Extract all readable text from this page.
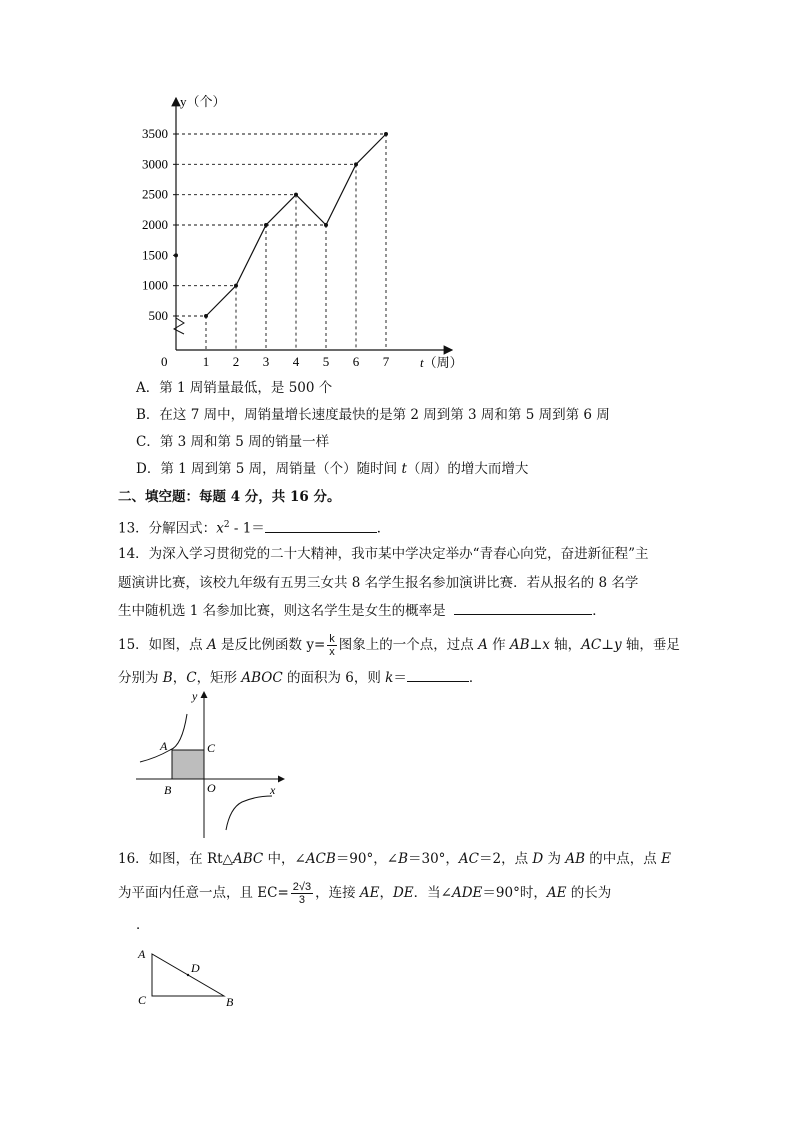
500
1000
1500
2000
2500
3000
3500
1 2 3 4 5 6 7
y（个）
0	t（周）
A．第 1 周销量最低，是 500 个
B．在这 7 周中，周销量增长速度最快的是第 2 周到第 3 周和第 5 周到第 6 周
C．第 3 周和第 5 周的销量一样
D．第 1 周到第 5 周，周销量（个）随时间 t（周）的增大而增大
二、填空题：每题 4 分，共 16 分。
13．分解因式：$x^2 - 1=$	．
14．为深入学习贯彻党的二十大精神，我市某中学决定举办“青春心向党，奋进新征程”主
题演讲比赛，该校九年级有五男三女共 8 名学生报名参加演讲比赛．若从报名的 8 名学
生中随机选 1 名参加比赛，则这名学生是女生的概率是	．
15．如图，点 A 是反比例函数 $y= \frac{k}{x}$ 图象上的一个点，过点 A 作 AB⊥x 轴，AC⊥y 轴，垂足
分别为 B，C，矩形 ABOC 的面积为 6，则 k＝	．
y
x
A	C
B	O
16．如图，在 Rt△ABC 中，∠ACB＝90°，∠B＝30°，AC＝2，点 D 为 AB 的中点，点 E
为平面内任意一点，且 $EC= \frac{2√3}{3}$ ，连接 AE，DE．当∠ADE＝90°时，AE 的长为
．
A
D
C	B
